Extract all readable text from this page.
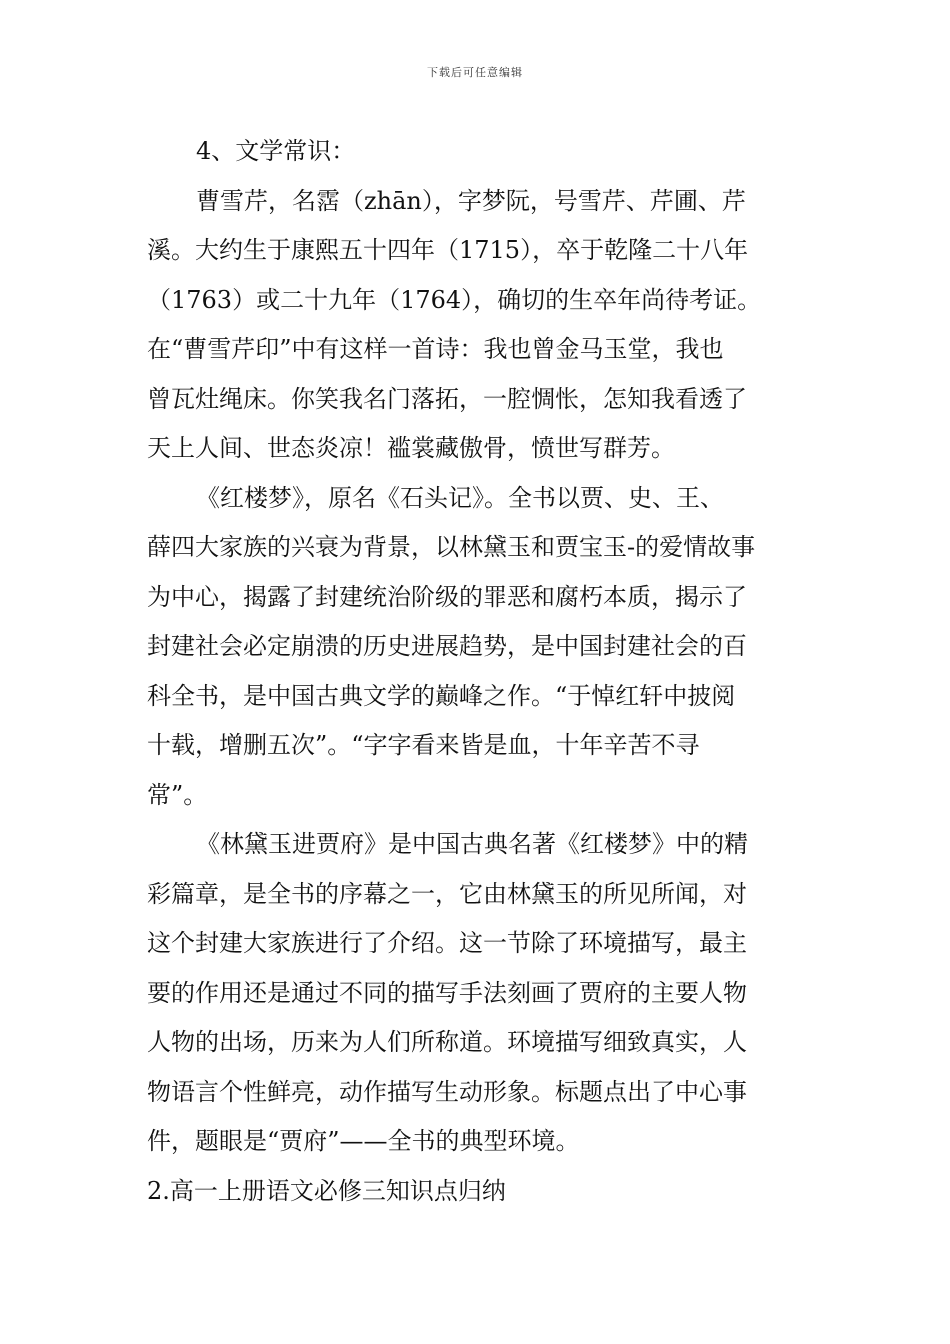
下载后可任意编辑
4、文学常识：
曹雪芹，名霑（zhān），字梦阮，号雪芹、芹圃、芹
溪。大约生于康熙五十四年（1715），卒于乾隆二十八年
（1763）或二十九年（1764），确切的生卒年尚待考证。
在“曹雪芹印”中有这样一首诗：我也曾金马玉堂，我也
曾瓦灶绳床。你笑我名门落拓，一腔惆怅，怎知我看透了
天上人间、世态炎凉！褴裳藏傲骨，愤世写群芳。
《红楼梦》，原名《石头记》。全书以贾、史、王、
薛四大家族的兴衰为背景，以林黛玉和贾宝玉-的爱情故事
为中心，揭露了封建统治阶级的罪恶和腐朽本质，揭示了
封建社会必定崩溃的历史进展趋势，是中国封建社会的百
科全书，是中国古典文学的巅峰之作。“于悼红轩中披阅
十载，增删五次”。“字字看来皆是血，十年辛苦不寻
常”。
《林黛玉进贾府》是中国古典名著《红楼梦》中的精
彩篇章，是全书的序幕之一，它由林黛玉的所见所闻，对
这个封建大家族进行了介绍。这一节除了环境描写，最主
要的作用还是通过不同的描写手法刻画了贾府的主要人物
人物的出场，历来为人们所称道。环境描写细致真实，人
物语言个性鲜亮，动作描写生动形象。标题点出了中心事
件，题眼是“贾府”——全书的典型环境。
2.高一上册语文必修三知识点归纳
